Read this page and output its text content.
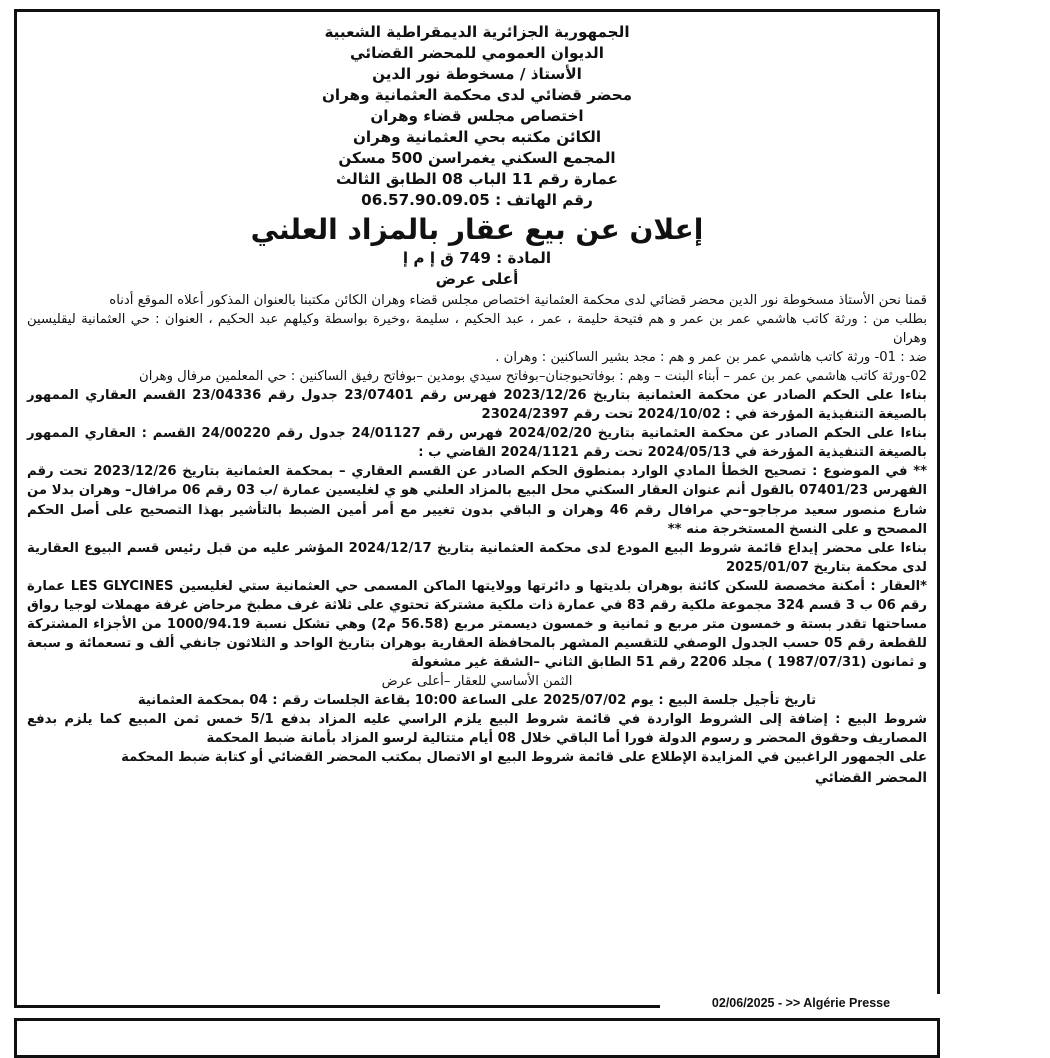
الجمهورية الجزائرية الديمقراطية الشعبية
الديوان العمومي للمحضر القضائي
الأستاذ / مسخوطة نور الدين
محضر قضائي لدى محكمة العثمانية وهران
اختصاص مجلس قضاء وهران
الكائن مكتبه بحي العثمانية وهران
المجمع السكني يغمراسن 500 مسكن
عمارة رقم 11 الباب 08 الطابق الثالث
رقم الهاتف : 06.57.90.09.05
إعلان عن بيع عقار بالمزاد العلني
المادة : 749 ق إ م إ
أعلى عرض

قمنا نحن الأستاذ مسخوطة نور الدين محضر قضائي لدى محكمة العثمانية اختصاص مجلس قضاء وهران الكائن مكتبنا بالعنوان المذكور أعلاه الموقع أدناه

بطلب من : ورثة كاتب هاشمي عمر بن عمر و هم فتيحة حليمة ، عمر ، عبد الحكيم ، سليمة ،وخيرة بواسطة وكيلهم عبد الحكيم ، العنوان : حي العثمانية ليقليسين وهران

ضد : 01- ورثة كاتب هاشمي عمر بن عمر و هم : مجد بشير الساكنين : وهران .

02-ورثة كاتب هاشمي عمر بن عمر – أبناء البنت – وهم : بوفاتحبوجنان–بوفاتح سيدي بومدين –بوفاتح رفيق الساكنين : حي المعلمين مرفال وهران

بناءا على الحكم الصادر عن محكمة العثمانية بتاريخ 2023/12/26 فهرس رقم 23/07401 جدول رقم 23/04336 القسم العقاري الممهور بالصيغة التنفيذية المؤرخة في : 2024/10/02 تحت رقم 23024/2397

بناءا على الحكم الصادر عن محكمة العثمانية بتاريخ 2024/02/20 فهرس رقم 24/01127 جدول رقم 24/00220 القسم : العقاري الممهور بالصيغة التنفيذية المؤرخة في 2024/05/13 تحت رقم 2024/1121 القاضي ب :

** في الموضوع : تصحيح الخطأ المادي الوارد بمنطوق الحكم الصادر عن القسم العقاري – بمحكمة العثمانية بتاريخ 2023/12/26 تحت رقم الفهرس 07401/23 بالقول أنم عنوان العقار السكني محل البيع بالمزاد العلني هو ي لغليسين عمارة /ب 03 رقم 06 مرافال– وهران بدلا من شارع منصور سعيد مرجاجو–حي مرافال رقم 46 وهران و الباقي بدون تغيير مع أمر أمين الضبط بالتأشير بهذا التصحيح على أصل الحكم المصحح و على النسخ المستخرجة منه **

بناءا على محضر إيداع قائمة شروط البيع المودع لدى محكمة العثمانية بتاريخ 2024/12/17 المؤشر عليه من قبل رئيس قسم البيوع العقارية لدى محكمة بتاريخ 2025/01/07

*العقار : أمكنة مخصصة للسكن كائنة بوهران بلديتها و دائرتها وولايتها الماكن المسمى حي العثمانية ستي لغليسين LES GLYCINES عمارة رقم 06 ب 3 قسم 324 مجموعة ملكية رقم 83 في عمارة ذات ملكية مشتركة تحتوي على ثلاثة غرف مطبخ مرحاض غرفة مهملات لوجيا رواق مساحتها تقدر بستة و خمسون متر مربع و ثمانية و خمسون ديسمتر مربع (56.58 م2) وهي تشكل نسبة 1000/94.19 من الأجزاء المشتركة للقطعة رقم 05 حسب الجدول الوصفي للتقسيم المشهر بالمحافظة العقارية بوهران بتاريخ الواحد و الثلاثون جانفي ألف و تسعمائة و سبعة و ثمانون (1987/07/31 ) مجلد 2206 رقم 51 الطابق الثاني –الشقة غير مشغولة

الثمن الأساسي للعقار –أعلى عرض

تاريخ تأجيل جلسة البيع : يوم 2025/07/02 على الساعة 10:00 بقاعة الجلسات رقم : 04 بمحكمة العثمانية

شروط البيع : إضافة إلى الشروط الواردة في قائمة شروط البيع يلزم الراسي عليه المزاد بدفع 5/1 خمس ثمن المبيع كما يلزم بدفع المصاريف وحقوق المحضر و رسوم الدولة فورا أما الباقي خلال 08 أيام متتالية لرسو المزاد بأمانة ضبط المحكمة

على الجمهور الراغبين في المزايدة الإطلاع على قائمة شروط البيع او الاتصال بمكتب المحضر القضائي أو كتابة ضبط المحكمة

المحضر القضائي
02/06/2025 - >> Algérie Presse
